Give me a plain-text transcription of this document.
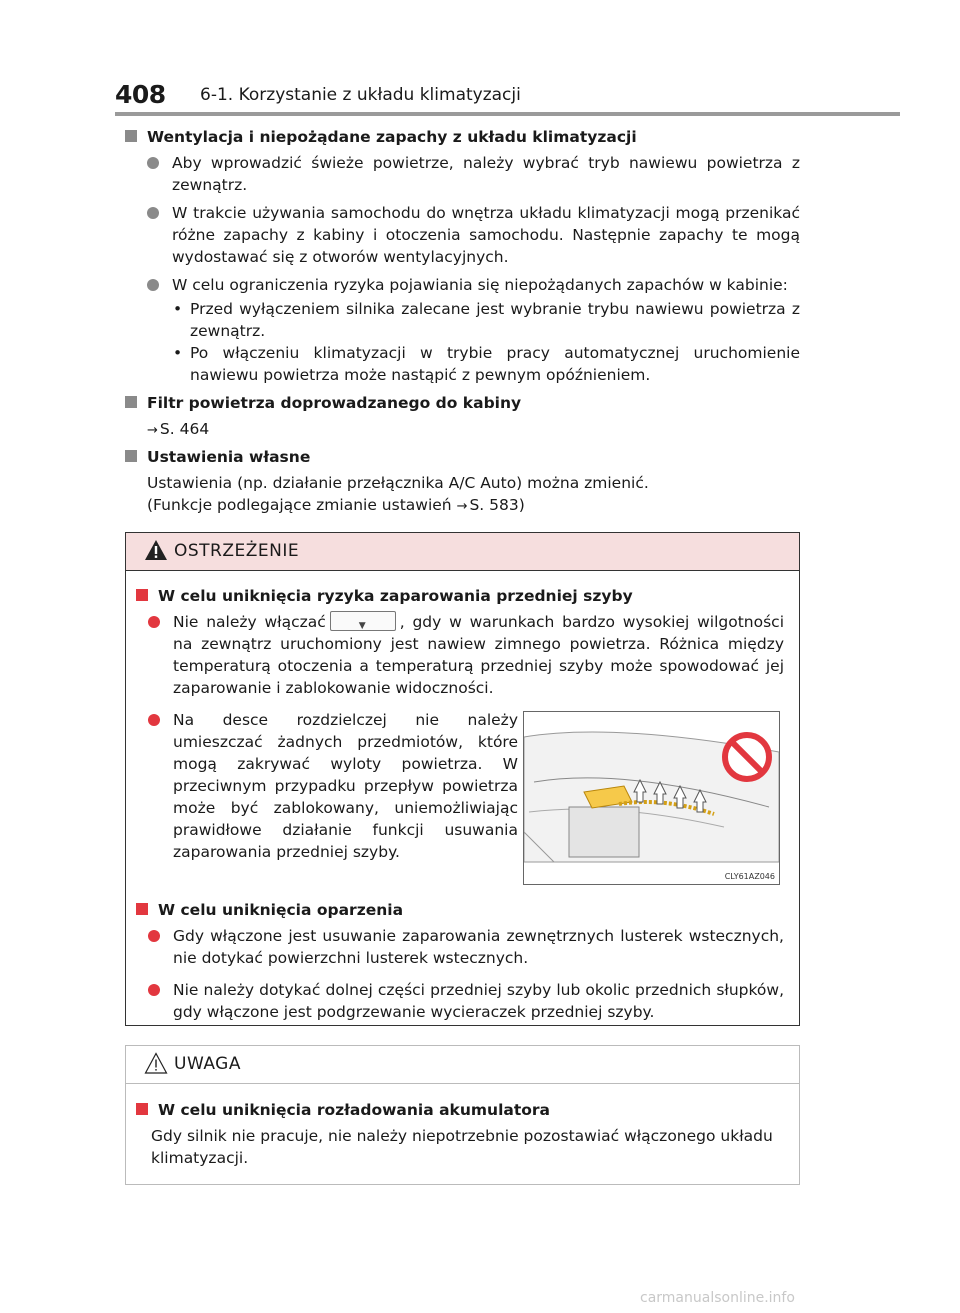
408 6-1. Korzystanie z układu klimatyzacji
Wentylacja i niepożądane zapachy z układu klimatyzacji
Aby wprowadzić świeże powietrze, należy wybrać tryb nawiewu powietrza z zewnątrz.
W trakcie używania samochodu do wnętrza układu klimatyzacji mogą przenikać różne zapachy z kabiny i otoczenia samochodu. Następnie zapachy te mogą wydostawać się z otworów wentylacyjnych.
W celu ograniczenia ryzyka pojawiania się niepożądanych zapachów w kabinie:
• Przed wyłączeniem silnika zalecane jest wybranie trybu nawiewu powietrza z zewnątrz.
• Po włączeniu klimatyzacji w trybie pracy automatycznej uruchomienie nawiewu powietrza może nastąpić z pewnym opóźnieniem.
Filtr powietrza doprowadzanego do kabiny
→ S. 464
Ustawienia własne
Ustawienia (np. działanie przełącznika A/C Auto) można zmienić.
(Funkcje podlegające zmianie ustawień → S. 583)
OSTRZEŻENIE
W celu uniknięcia ryzyka zaparowania przedniej szyby
Nie należy włączać	▼ , gdy w warunkach bardzo wysokiej wilgotności na zewnątrz uruchomiony jest nawiew zimnego powietrza. Różnica między temperaturą otoczenia a temperaturą przedniej szyby może spowodować jej zaparowanie i zablokowanie widoczności.
Na desce rozdzielczej nie należy umieszczać żadnych przedmiotów, które mogą zakrywać wyloty powietrza. W przeciwnym przypadku przepływ powietrza może być zablokowany, uniemożliwiając prawidłowe działanie funkcji usuwania zaparowania przedniej szyby.
W celu uniknięcia oparzenia
Gdy włączone jest usuwanie zaparowania zewnętrznych lusterek wstecznych, nie dotykać powierzchni lusterek wstecznych.
Nie należy dotykać dolnej części przedniej szyby lub okolic przednich słupków, gdy włączone jest podgrzewanie wycieraczek przedniej szyby.
CLY61AZ046
UWAGA
W celu uniknięcia rozładowania akumulatora
Gdy silnik nie pracuje, nie należy niepotrzebnie pozostawiać włączonego układu klimatyzacji.
carmanualsonline.info
